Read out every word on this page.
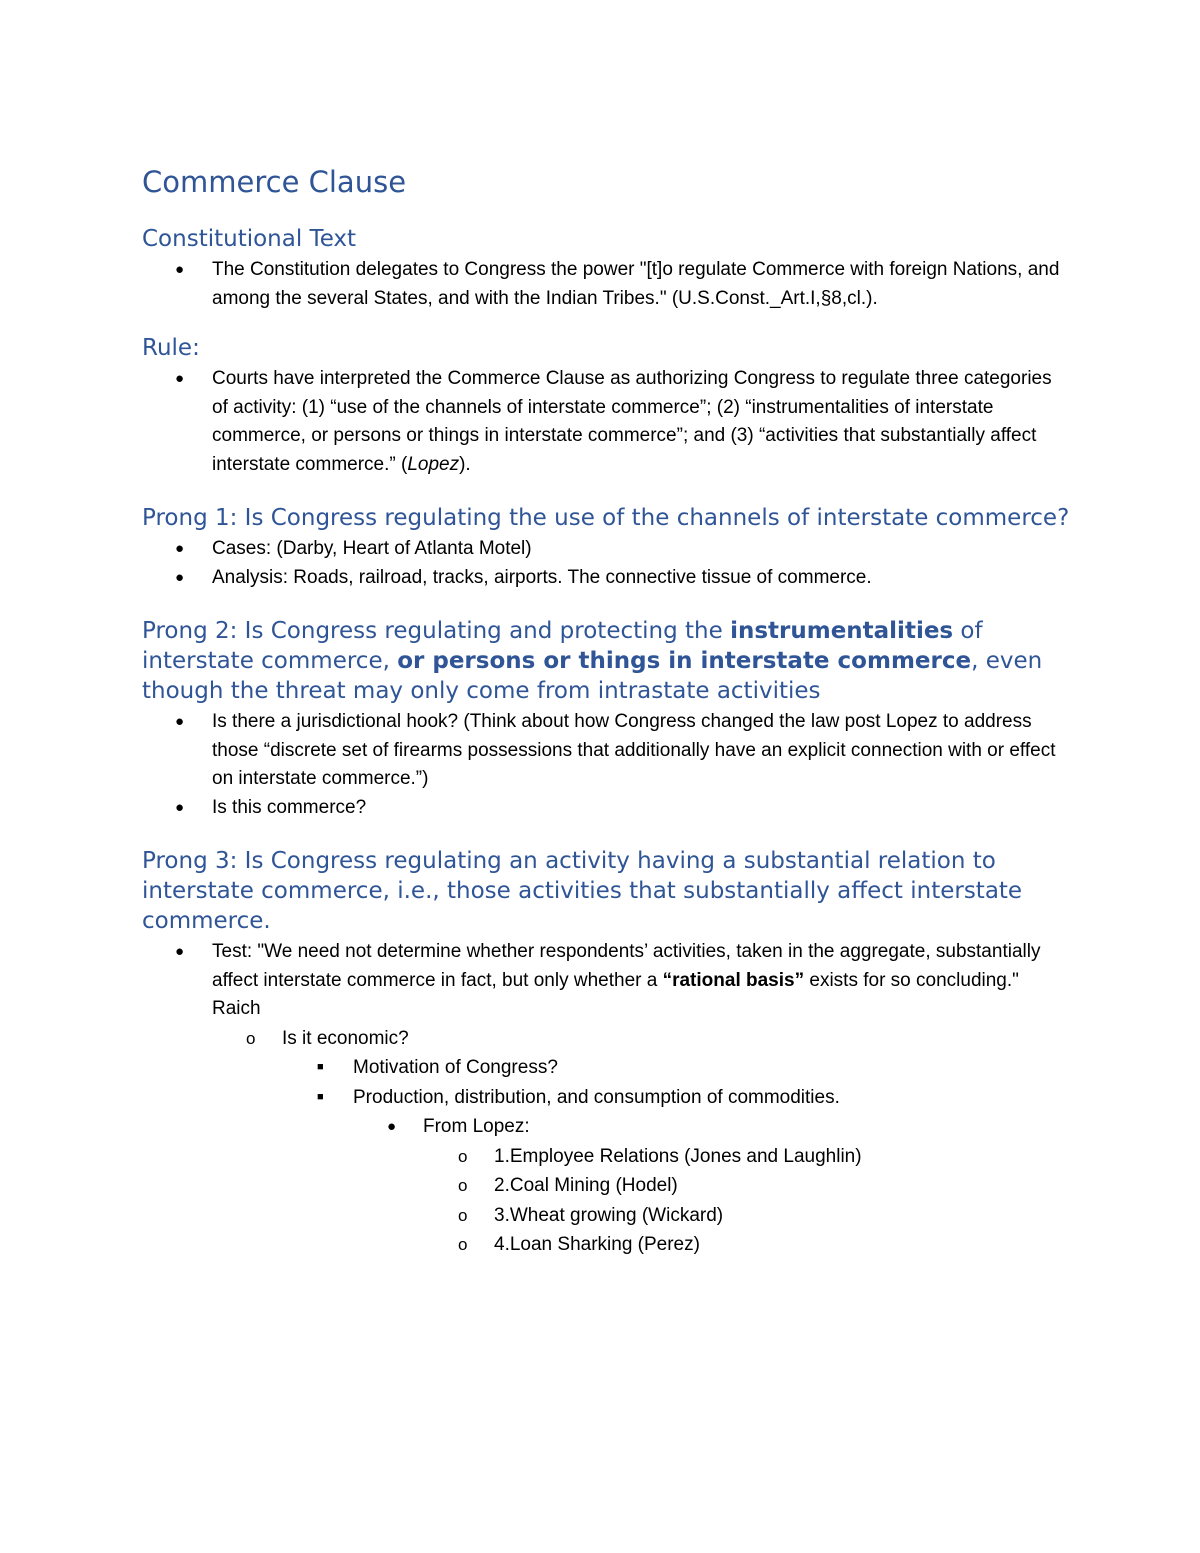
Commerce Clause
Constitutional Text
● The Constitution delegates to Congress the power "[t]o regulate Commerce with foreign Nations, and among the several States, and with the Indian Tribes." (U.S.Const._Art.I,§8,cl.).
Rule:
● Courts have interpreted the Commerce Clause as authorizing Congress to regulate three categories of activity: (1) “use of the channels of interstate commerce”; (2) “instrumentalities of interstate commerce, or persons or things in interstate commerce”; and (3) “activities that substantially affect interstate commerce.” (Lopez).
Prong 1: Is Congress regulating the use of the channels of interstate commerce?
● Cases: (Darby, Heart of Atlanta Motel)
● Analysis: Roads, railroad, tracks, airports. The connective tissue of commerce.
Prong 2: Is Congress regulating and protecting the instrumentalities of interstate commerce, or persons or things in interstate commerce, even though the threat may only come from intrastate activities
● Is there a jurisdictional hook? (Think about how Congress changed the law post Lopez to address those “discrete set of firearms possessions that additionally have an explicit connection with or effect on interstate commerce.”)
● Is this commerce?
Prong 3: Is Congress regulating an activity having a substantial relation to interstate commerce, i.e., those activities that substantially affect interstate commerce.
● Test: "We need not determine whether respondents’ activities, taken in the aggregate, substantially affect interstate commerce in fact, but only whether a “rational basis” exists for so concluding." Raich
o Is it economic?
■ Motivation of Congress?
■ Production, distribution, and consumption of commodities.
● From Lopez:
o 1.Employee Relations (Jones and Laughlin)
o 2.Coal Mining (Hodel)
o 3.Wheat growing (Wickard)
o 4.Loan Sharking (Perez)
